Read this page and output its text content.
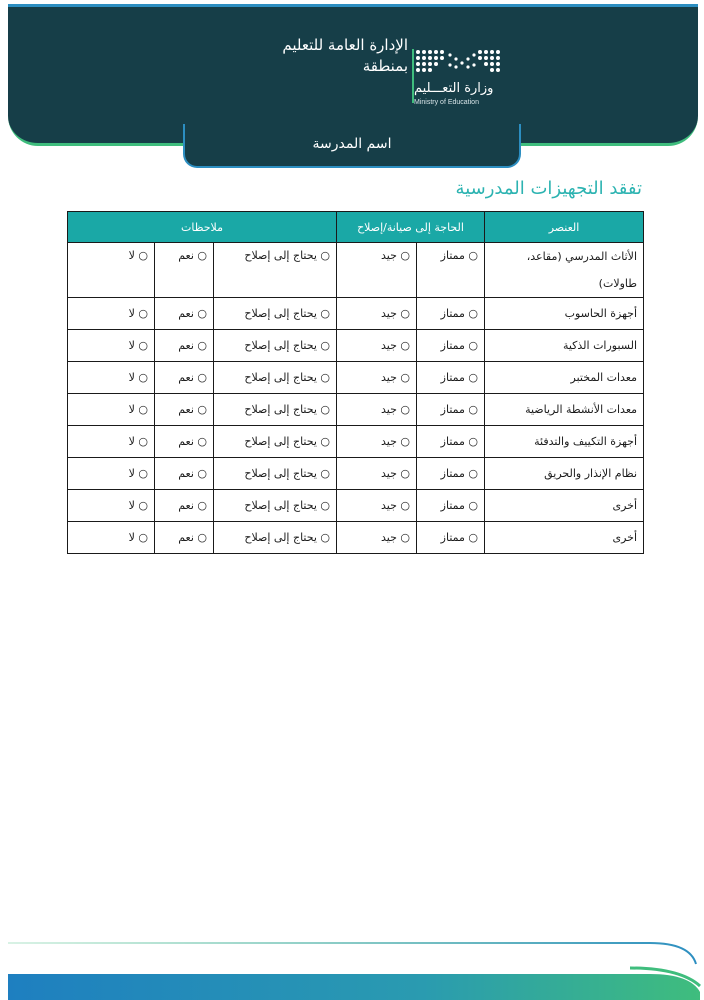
الإدارة العامة للتعليم
بمنطقة
وزارة التعـــليم
Ministry of Education
اسم المدرسة
تفقد التجهيزات المدرسية
العنصر	الحاجة إلى صيانة/إصلاح		ملاحظات		
الأثاث المدرسي (مقاعد، طاولات)	○ ممتاز	○ جيد	○ يحتاج إلى إصلاح	○ نعم	○ لا
أجهزة الحاسوب	○ ممتاز	○ جيد	○ يحتاج إلى إصلاح	○ نعم	○ لا
السبورات الذكية	○ ممتاز	○ جيد	○ يحتاج إلى إصلاح	○ نعم	○ لا
معدات المختبر	○ ممتاز	○ جيد	○ يحتاج إلى إصلاح	○ نعم	○ لا
معدات الأنشطة الرياضية	○ ممتاز	○ جيد	○ يحتاج إلى إصلاح	○ نعم	○ لا
أجهزة التكييف والتدفئة	○ ممتاز	○ جيد	○ يحتاج إلى إصلاح	○ نعم	○ لا
نظام الإنذار والحريق	○ ممتاز	○ جيد	○ يحتاج إلى إصلاح	○ نعم	○ لا
أخرى	○ ممتاز	○ جيد	○ يحتاج إلى إصلاح	○ نعم	○ لا
أخرى	○ ممتاز	○ جيد	○ يحتاج إلى إصلاح	○ نعم	○ لا
